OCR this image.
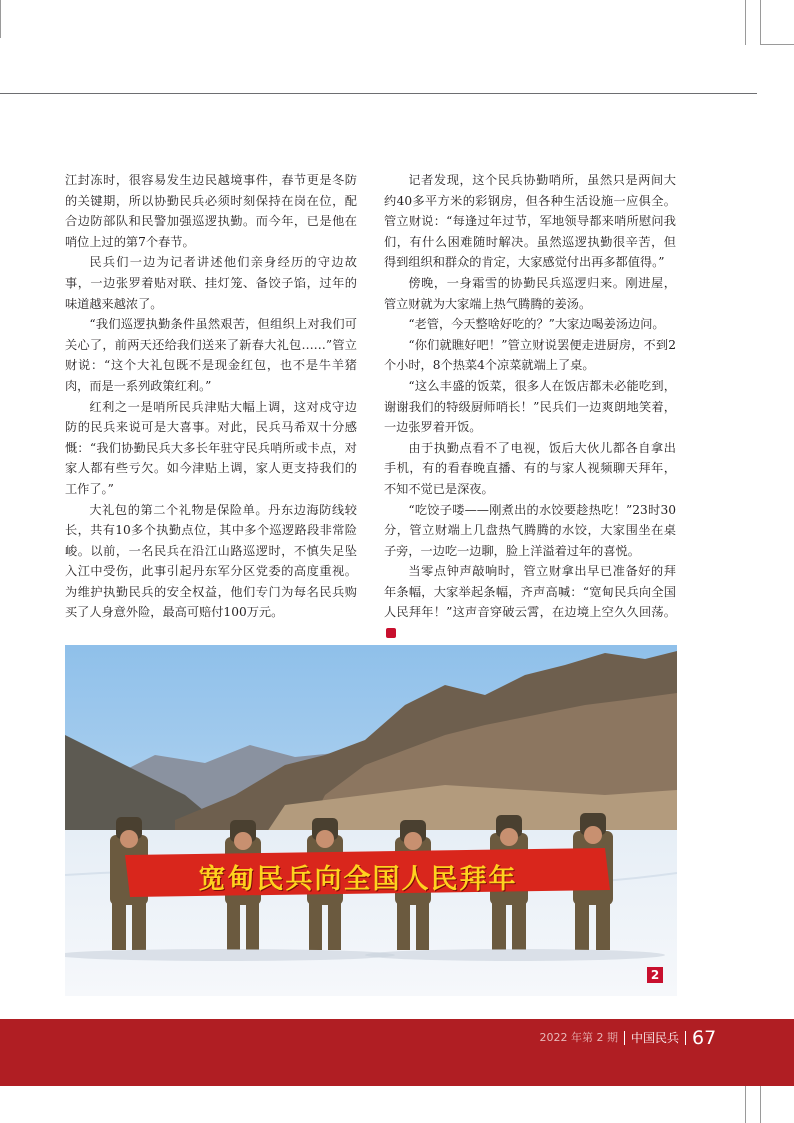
江封冻时，很容易发生边民越境事件，春节更是冬防的关键期，所以协勤民兵必须时刻保持在岗在位，配合边防部队和民警加强巡逻执勤。而今年，已是他在哨位上过的第7个春节。

民兵们一边为记者讲述他们亲身经历的守边故事，一边张罗着贴对联、挂灯笼、备饺子馅，过年的味道越来越浓了。

“我们巡逻执勤条件虽然艰苦，但组织上对我们可关心了，前两天还给我们送来了新春大礼包……”管立财说：“这个大礼包既不是现金红包，也不是牛羊猪肉，而是一系列政策红利。”

红利之一是哨所民兵津贴大幅上调，这对戍守边防的民兵来说可是大喜事。对此，民兵马希双十分感慨：“我们协勤民兵大多长年驻守民兵哨所或卡点，对家人都有些亏欠。如今津贴上调，家人更支持我们的工作了。”

大礼包的第二个礼物是保险单。丹东边海防线较长，共有10多个执勤点位，其中多个巡逻路段非常险峻。以前，一名民兵在沿江山路巡逻时，不慎失足坠入江中受伤，此事引起丹东军分区党委的高度重视。为维护执勤民兵的安全权益，他们专门为每名民兵购买了人身意外险，最高可赔付100万元。

记者发现，这个民兵协勤哨所，虽然只是两间大约40多平方米的彩钢房，但各种生活设施一应俱全。管立财说：“每逢过年过节，军地领导都来哨所慰问我们，有什么困难随时解决。虽然巡逻执勤很辛苦，但得到组织和群众的肯定，大家感觉付出再多都值得。”

傍晚，一身霜雪的协勤民兵巡逻归来。刚进屋，管立财就为大家端上热气腾腾的姜汤。

“老管，今天整啥好吃的？”大家边喝姜汤边问。

“你们就瞧好吧！”管立财说罢便走进厨房，不到2个小时，8个热菜4个凉菜就端上了桌。

“这么丰盛的饭菜，很多人在饭店都未必能吃到，谢谢我们的特级厨师哨长！”民兵们一边爽朗地笑着，一边张罗着开饭。

由于执勤点看不了电视，饭后大伙儿都各自拿出手机，有的看春晚直播、有的与家人视频聊天拜年，不知不觉已是深夜。

“吃饺子喽——刚煮出的水饺要趁热吃！”23时30分，管立财端上几盘热气腾腾的水饺，大家围坐在桌子旁，一边吃一边聊，脸上洋溢着过年的喜悦。

当零点钟声敲响时，管立财拿出早已准备好的拜年条幅，大家举起条幅，齐声高喊：“宽甸民兵向全国人民拜年！”这声音穿破云霄，在边境上空久久回荡。

宽甸民兵向全国人民拜年
2
2022 年第 2 期 中国民兵 67
